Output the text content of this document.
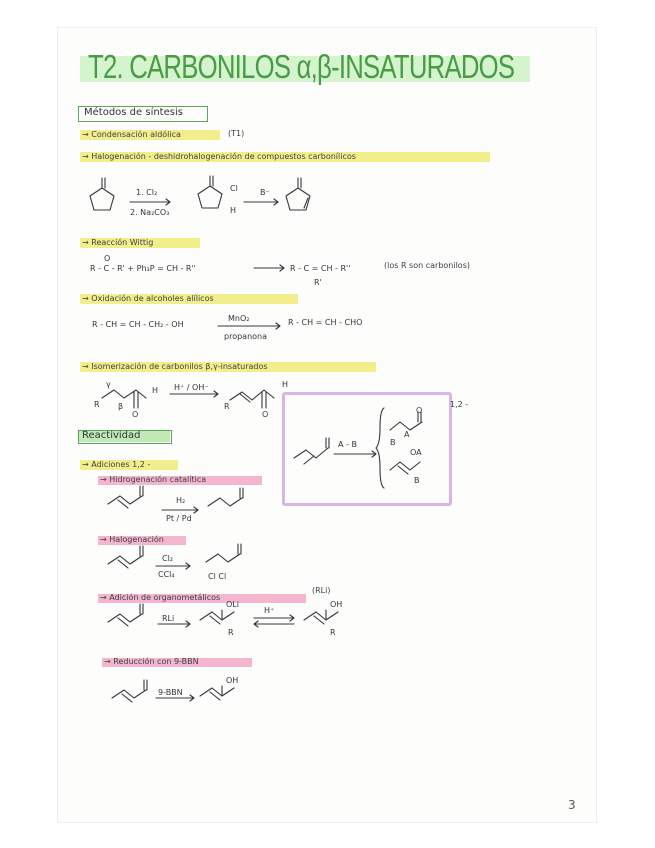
T2. CARBONILOS α,β-INSATURADOS
Métodos de síntesis
→ Condensación aldólica	(T1)
→ Halogenación - deshidrohalogenación de compuestos carbonílicos
1. Cl₂
2. Na₂CO₃
Cl
H
B⁻
→ Reacción Wittig
O
R - C - R' + Ph₃P = CH - R''	R - C = CH - R''
R'
(los R son carbonilos)
→ Oxidación de alcoholes alílicos
R - CH = CH - CH₂ - OH
MnO₂
propanona
R - CH = CH - CHO
→ Isomerización de carbonilos β,γ-insaturados
H⁺ / OH⁻
R
H
O
β
γ
R
H
O
A - B
1,2 -
B
A
O
OA
B
Reactividad
→ Adiciones 1,2 -
→ Hidrogenación catalítica
H₂
Pt / Pd
→ Halogenación
Cl₂
CCl₄	Cl Cl
→ Adición de organometálicos
(RLi)
RLi
OLi
R
H⁺
OH
R
→ Reducción con 9-BBN
9-BBN
OH
3
